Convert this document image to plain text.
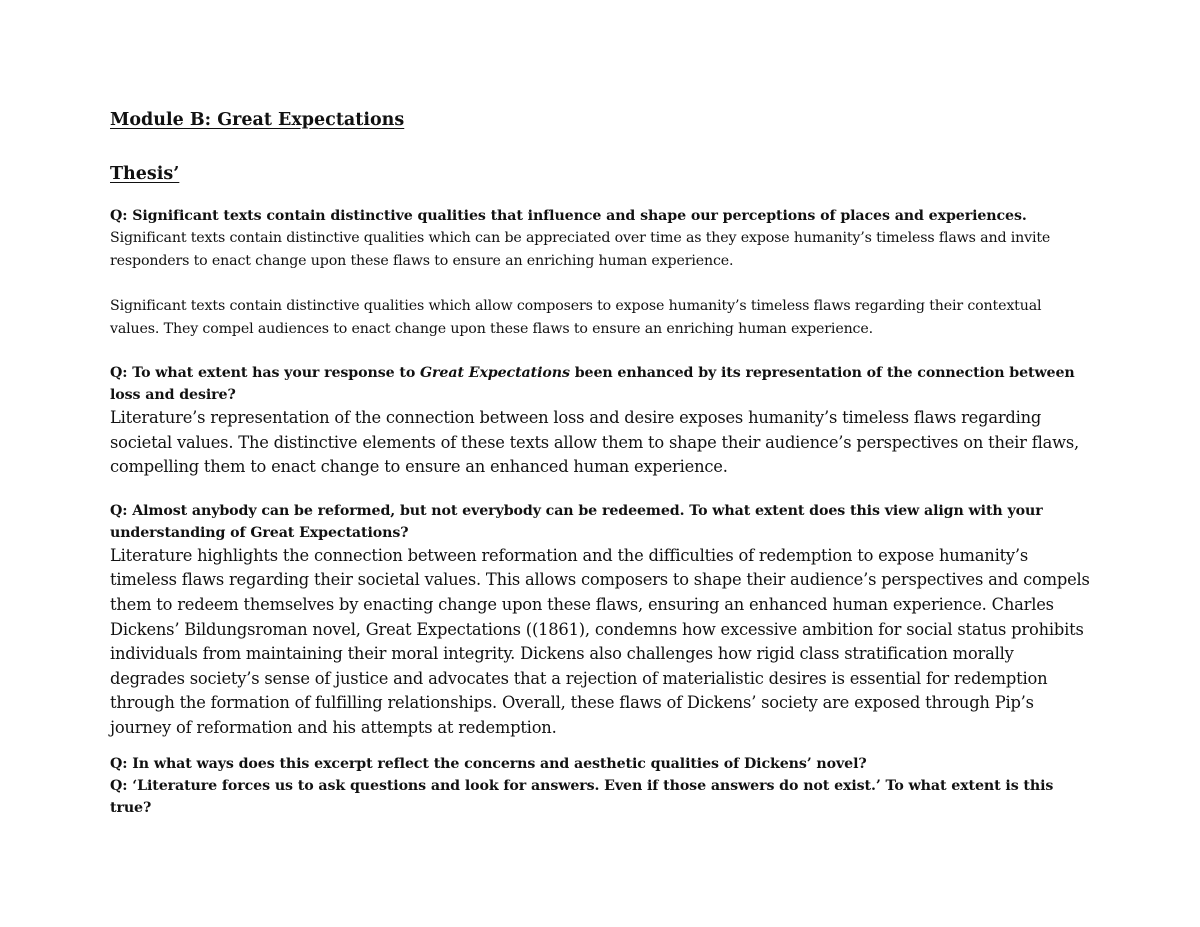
Module B: Great Expectations

Thesis’

Q: Significant texts contain distinctive qualities that influence and shape our perceptions of places and experiences.

Significant texts contain distinctive qualities which can be appreciated over time as they expose humanity’s timeless flaws and invite responders to enact change upon these flaws to ensure an enriching human experience.

Significant texts contain distinctive qualities which allow composers to expose humanity’s timeless flaws regarding their contextual values. They compel audiences to enact change upon these flaws to ensure an enriching human experience.

Q: To what extent has your response to Great Expectations been enhanced by its representation of the connection between loss and desire?

Literature’s representation of the connection between loss and desire exposes humanity’s timeless flaws regarding societal values. The distinctive elements of these texts allow them to shape their audience’s perspectives on their flaws, compelling them to enact change to ensure an enhanced human experience.

Q: Almost anybody can be reformed, but not everybody can be redeemed. To what extent does this view align with your understanding of Great Expectations?

Literature highlights the connection between reformation and the difficulties of redemption to expose humanity’s timeless flaws regarding their societal values. This allows composers to shape their audience’s perspectives and compels them to redeem themselves by enacting change upon these flaws, ensuring an enhanced human experience. Charles Dickens’ Bildungsroman novel, Great Expectations ((1861), condemns how excessive ambition for social status prohibits individuals from maintaining their moral integrity. Dickens also challenges how rigid class stratification morally degrades society’s sense of justice and advocates that a rejection of materialistic desires is essential for redemption through the formation of fulfilling relationships. Overall, these flaws of Dickens’ society are exposed through Pip’s journey of reformation and his attempts at redemption.

Q: In what ways does this excerpt reflect the concerns and aesthetic qualities of Dickens’ novel?

Q: ‘Literature forces us to ask questions and look for answers. Even if those answers do not exist.’ To what extent is this true?
